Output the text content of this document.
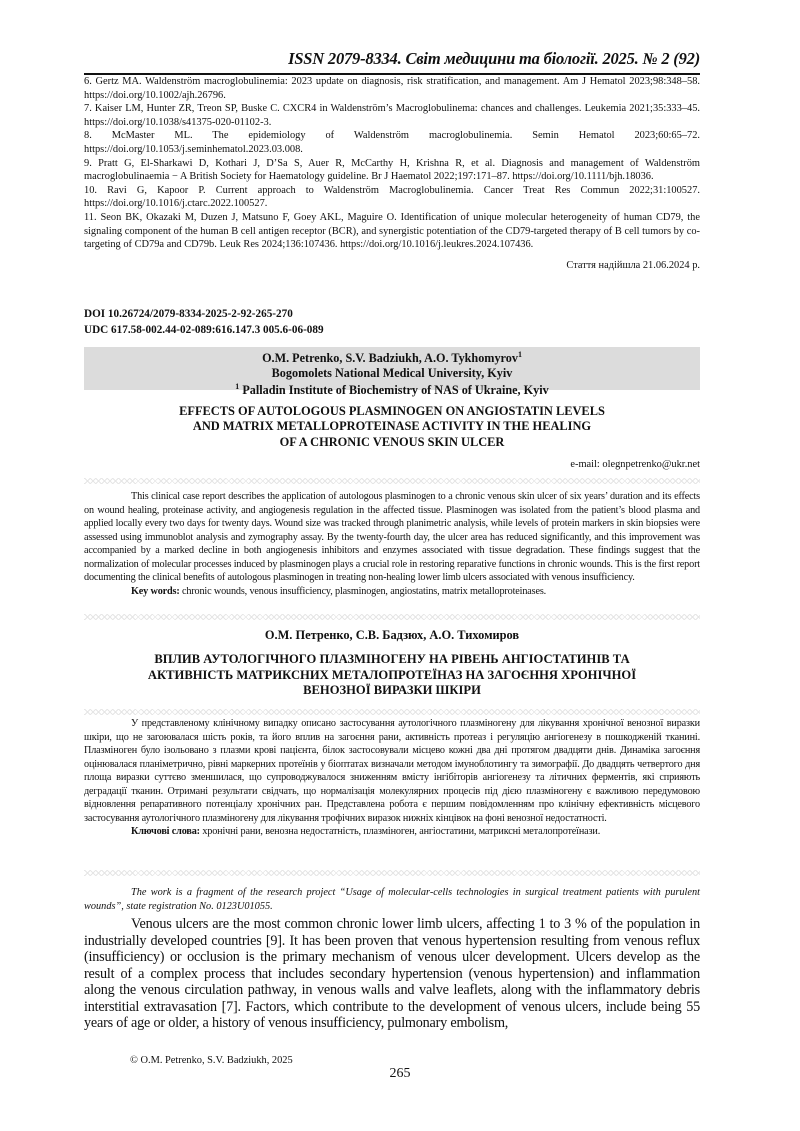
ISSN 2079-8334. Світ медицини та біології. 2025. № 2 (92)

6. Gertz MA. Waldenström macroglobulinemia: 2023 update on diagnosis, risk stratification, and management. Am J Hematol 2023;98:348–58. https://doi.org/10.1002/ajh.26796.

7. Kaiser LM, Hunter ZR, Treon SP, Buske C. CXCR4 in Waldenström’s Macroglobulinema: chances and challenges. Leukemia 2021;35:333–45. https://doi.org/10.1038/s41375-020-01102-3.

8. McMaster ML. The epidemiology of Waldenström macroglobulinemia. Semin Hematol 2023;60:65–72. https://doi.org/10.1053/j.seminhematol.2023.03.008.

9. Pratt G, El-Sharkawi D, Kothari J, D’Sa S, Auer R, McCarthy H, Krishna R, et al. Diagnosis and management of Waldenström macroglobulinaemia − A British Society for Haematology guideline. Br J Haematol 2022;197:171–87. https://doi.org/10.1111/bjh.18036.

10. Ravi G, Kapoor P. Current approach to Waldenström Macroglobulinemia. Cancer Treat Res Commun 2022;31:100527. https://doi.org/10.1016/j.ctarc.2022.100527.

11. Seon BK, Okazaki M, Duzen J, Matsuno F, Goey AKL, Maguire O. Identification of unique molecular heterogeneity of human CD79, the signaling component of the human B cell antigen receptor (BCR), and synergistic potentiation of the CD79-targeted therapy of B cell tumors by co-targeting of CD79a and CD79b. Leuk Res 2024;136:107436. https://doi.org/10.1016/j.leukres.2024.107436.

Стаття надійшла 21.06.2024 р.
DOI 10.26724/2079-8334-2025-2-92-265-270
UDC 617.58-002.44-02-089:616.147.3 005.6-06-089
O.M. Petrenko, S.V. Badziukh, A.O. Tykhomyrov$^1$
Bogomolets National Medical University, Kyiv
$^1$ Palladin Institute of Biochemistry of NAS of Ukraine, Kyiv
EFFECTS OF AUTOLOGOUS PLASMINOGEN ON ANGIOSTATIN LEVELS
AND MATRIX METALLOPROTEINASE ACTIVITY IN THE HEALING
OF A CHRONIC VENOUS SKIN ULCER
e-mail: olegnpetrenko@ukr.net

This clinical case report describes the application of autologous plasminogen to a chronic venous skin ulcer of six years’ duration and its effects on wound healing, proteinase activity, and angiogenesis regulation in the affected tissue. Plasminogen was isolated from the patient’s blood plasma and applied locally every two days for twenty days. Wound size was tracked through planimetric analysis, while levels of protein markers in skin biopsies were assessed using immunoblot analysis and zymography assay. By the twenty-fourth day, the ulcer area has reduced significantly, and this improvement was accompanied by a marked decline in both angiogenesis inhibitors and enzymes associated with tissue degradation. These findings suggest that the normalization of molecular processes induced by plasminogen plays a crucial role in restoring reparative functions in chronic wounds. This is the first report documenting the clinical benefits of autologous plasminogen in treating non-healing lower limb ulcers associated with venous insufficiency.

Key words: chronic wounds, venous insufficiency, plasminogen, angiostatins, matrix metalloproteinases.

О.М. Петренко, С.В. Бадзюх, А.О. Тихомиров
ВПЛИВ АУТОЛОГІЧНОГО ПЛАЗМІНОГЕНУ НА РІВЕНЬ АНГІОСТАТИНІВ ТА
АКТИВНІСТЬ МАТРИКСНИХ МЕТАЛОПРОТЕЇНАЗ НА ЗАГОЄННЯ ХРОНІЧНОЇ
ВЕНОЗНОЇ ВИРАЗКИ ШКІРИ

У представленому клінічному випадку описано застосування аутологічного плазміногену для лікування хронічної венозної виразки шкіри, що не загоювалася шість років, та його вплив на загоєння рани, активність протеаз і регуляцію ангіогенезу в пошкодженій тканині. Плазміноген було ізольовано з плазми крові пацієнта, білок застосовували місцево кожні два дні протягом двадцяти днів. Динаміка загоєння оцінювалася планіметрично, рівні маркерних протеїнів у біоптатах визначали методом імуноблотингу та зимографії. До двадцять четвертого дня площа виразки суттєво зменшилася, що супроводжувалося зниженням вмісту інгібіторів ангіогенезу та літичних ферментів, які сприяють деградації тканин. Отримані результати свідчать, що нормалізація молекулярних процесів під дією плазміногену є важливою передумовою відновлення репаративного потенціалу хронічних ран. Представлена робота є першим повідомленням про клінічну ефективність місцевого застосування аутологічного плазміногену для лікування трофічних виразок нижніх кінцівок на фоні венозної недостатності.

Ключові слова: хронічні рани, венозна недостатність, плазміноген, ангіостатини, матриксні металопротеїнази.

The work is a fragment of the research project “Usage of molecular-cells technologies in surgical treatment patients with purulent wounds”, state registration No. 0123U01055.

Venous ulcers are the most common chronic lower limb ulcers, affecting 1 to 3 % of the population in industrially developed countries [9]. It has been proven that venous hypertension resulting from venous reflux (insufficiency) or occlusion is the primary mechanism of venous ulcer development. Ulcers develop as the result of a complex process that includes secondary hypertension (venous hypertension) and inflammation along the venous circulation pathway, in venous walls and valve leaflets, along with the inflammatory debris interstitial extravasation [7]. Factors, which contribute to the development of venous ulcers, include being 55 years of age or older, a history of venous insufficiency, pulmonary embolism,

© O.M. Petrenko, S.V. Badziukh, 2025
265
